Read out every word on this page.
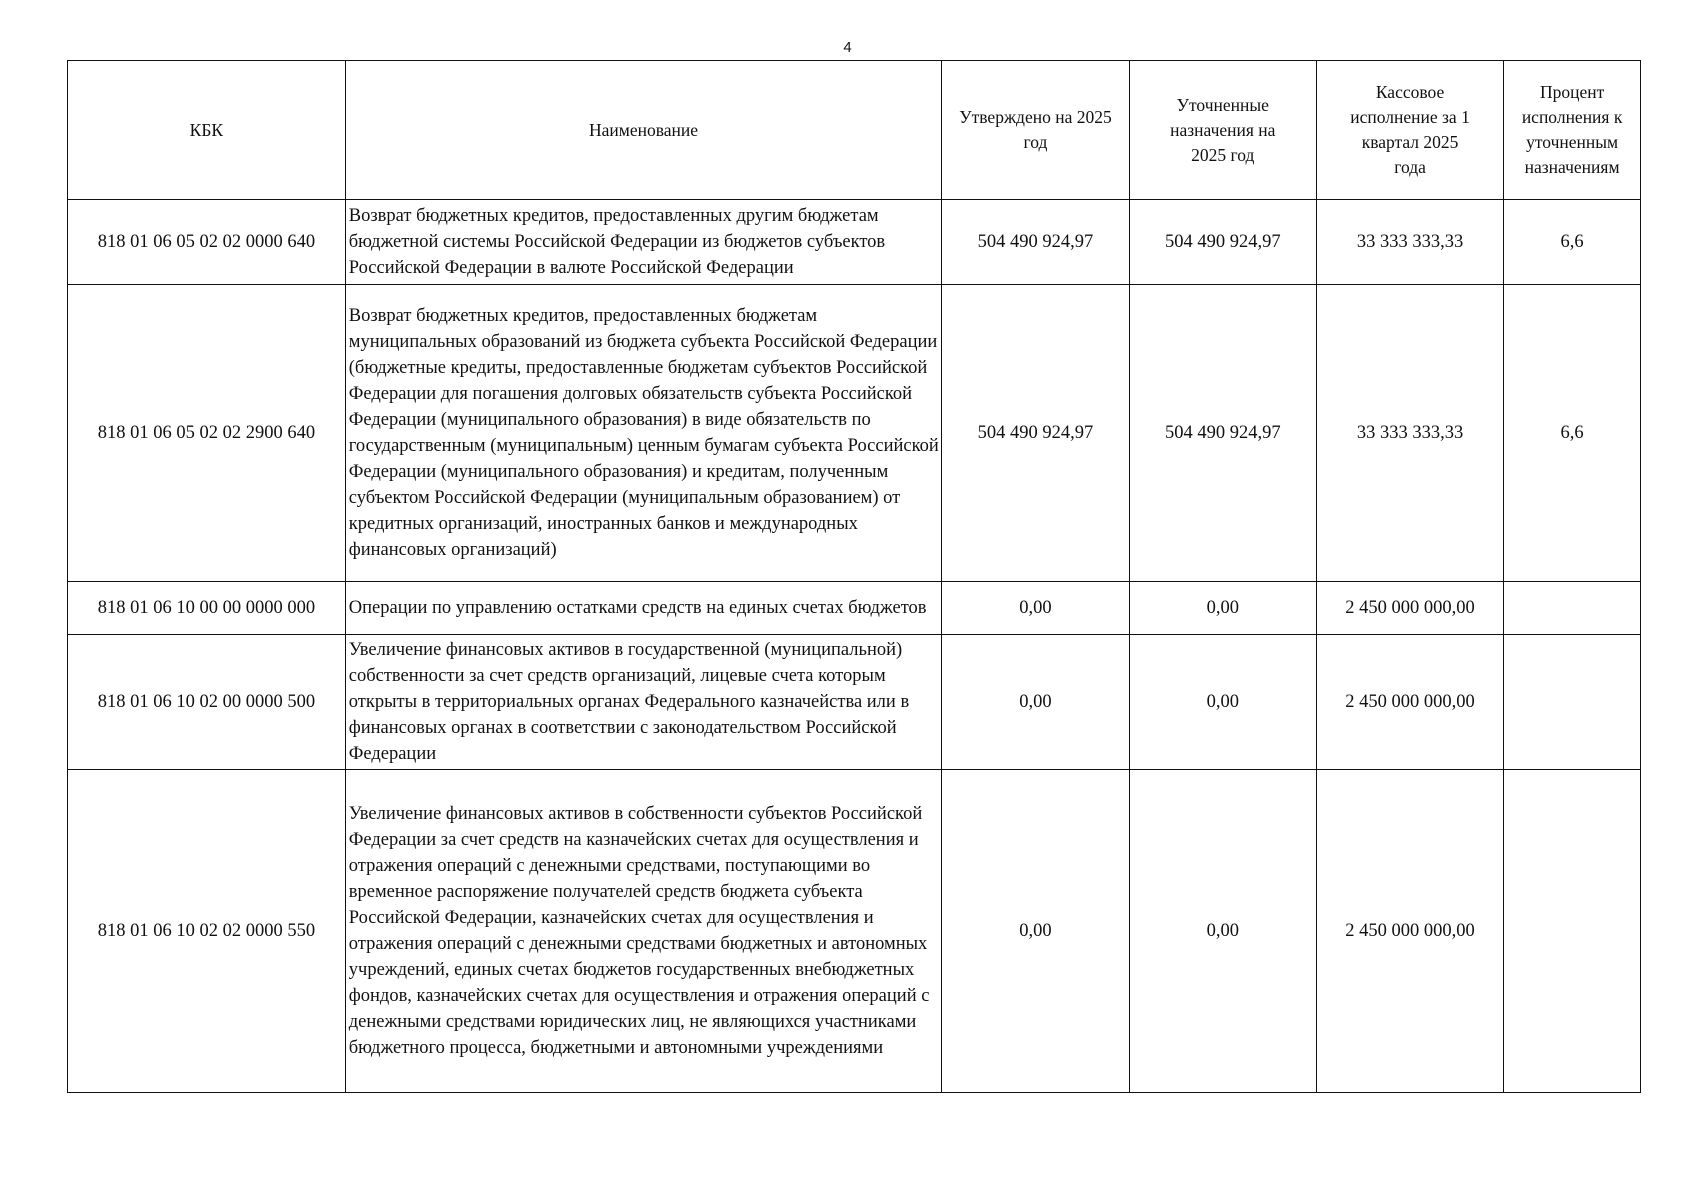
4
КБК	Наименование	Утверждено на 2025 год	Уточненные назначения на 2025 год	Кассовое исполнение за 1 квартал 2025 года	Процент исполнения к уточненным назначениям
818 01 06 05 02 02 0000 640	Возврат бюджетных кредитов, предоставленных другим бюджетам бюджетной системы Российской Федерации из бюджетов субъектов Российской Федерации в валюте Российской Федерации	504 490 924,97	504 490 924,97	33 333 333,33	6,6
818 01 06 05 02 02 2900 640	Возврат бюджетных кредитов, предоставленных бюджетам муниципальных образований из бюджета субъекта Российской Федерации (бюджетные кредиты, предоставленные бюджетам субъектов Российской Федерации для погашения долговых обязательств субъекта Российской Федерации (муниципального образования) в виде обязательств по государственным (муниципальным) ценным бумагам субъекта Российской Федерации (муниципального образования) и кредитам, полученным субъектом Российской Федерации (муниципальным образованием) от кредитных организаций, иностранных банков и международных финансовых организаций)	504 490 924,97	504 490 924,97	33 333 333,33	6,6
818 01 06 10 00 00 0000 000	Операции по управлению остатками средств на единых счетах бюджетов	0,00	0,00	2 450 000 000,00	
818 01 06 10 02 00 0000 500	Увеличение финансовых активов в государственной (муниципальной) собственности за счет средств организаций, лицевые счета которым открыты в территориальных органах Федерального казначейства или в финансовых органах в соответствии с законодательством Российской Федерации	0,00	0,00	2 450 000 000,00	
818 01 06 10 02 02 0000 550	Увеличение финансовых активов в собственности субъектов Российской Федерации за счет средств на казначейских счетах для осуществления и отражения операций с денежными средствами, поступающими во временное распоряжение получателей средств бюджета субъекта Российской Федерации, казначейских счетах для осуществления и отражения операций с денежными средствами бюджетных и автономных учреждений, единых счетах бюджетов государственных внебюджетных фондов, казначейских счетах для осуществления и отражения операций с денежными средствами юридических лиц, не являющихся участниками бюджетного процесса, бюджетными и автономными учреждениями	0,00	0,00	2 450 000 000,00	
